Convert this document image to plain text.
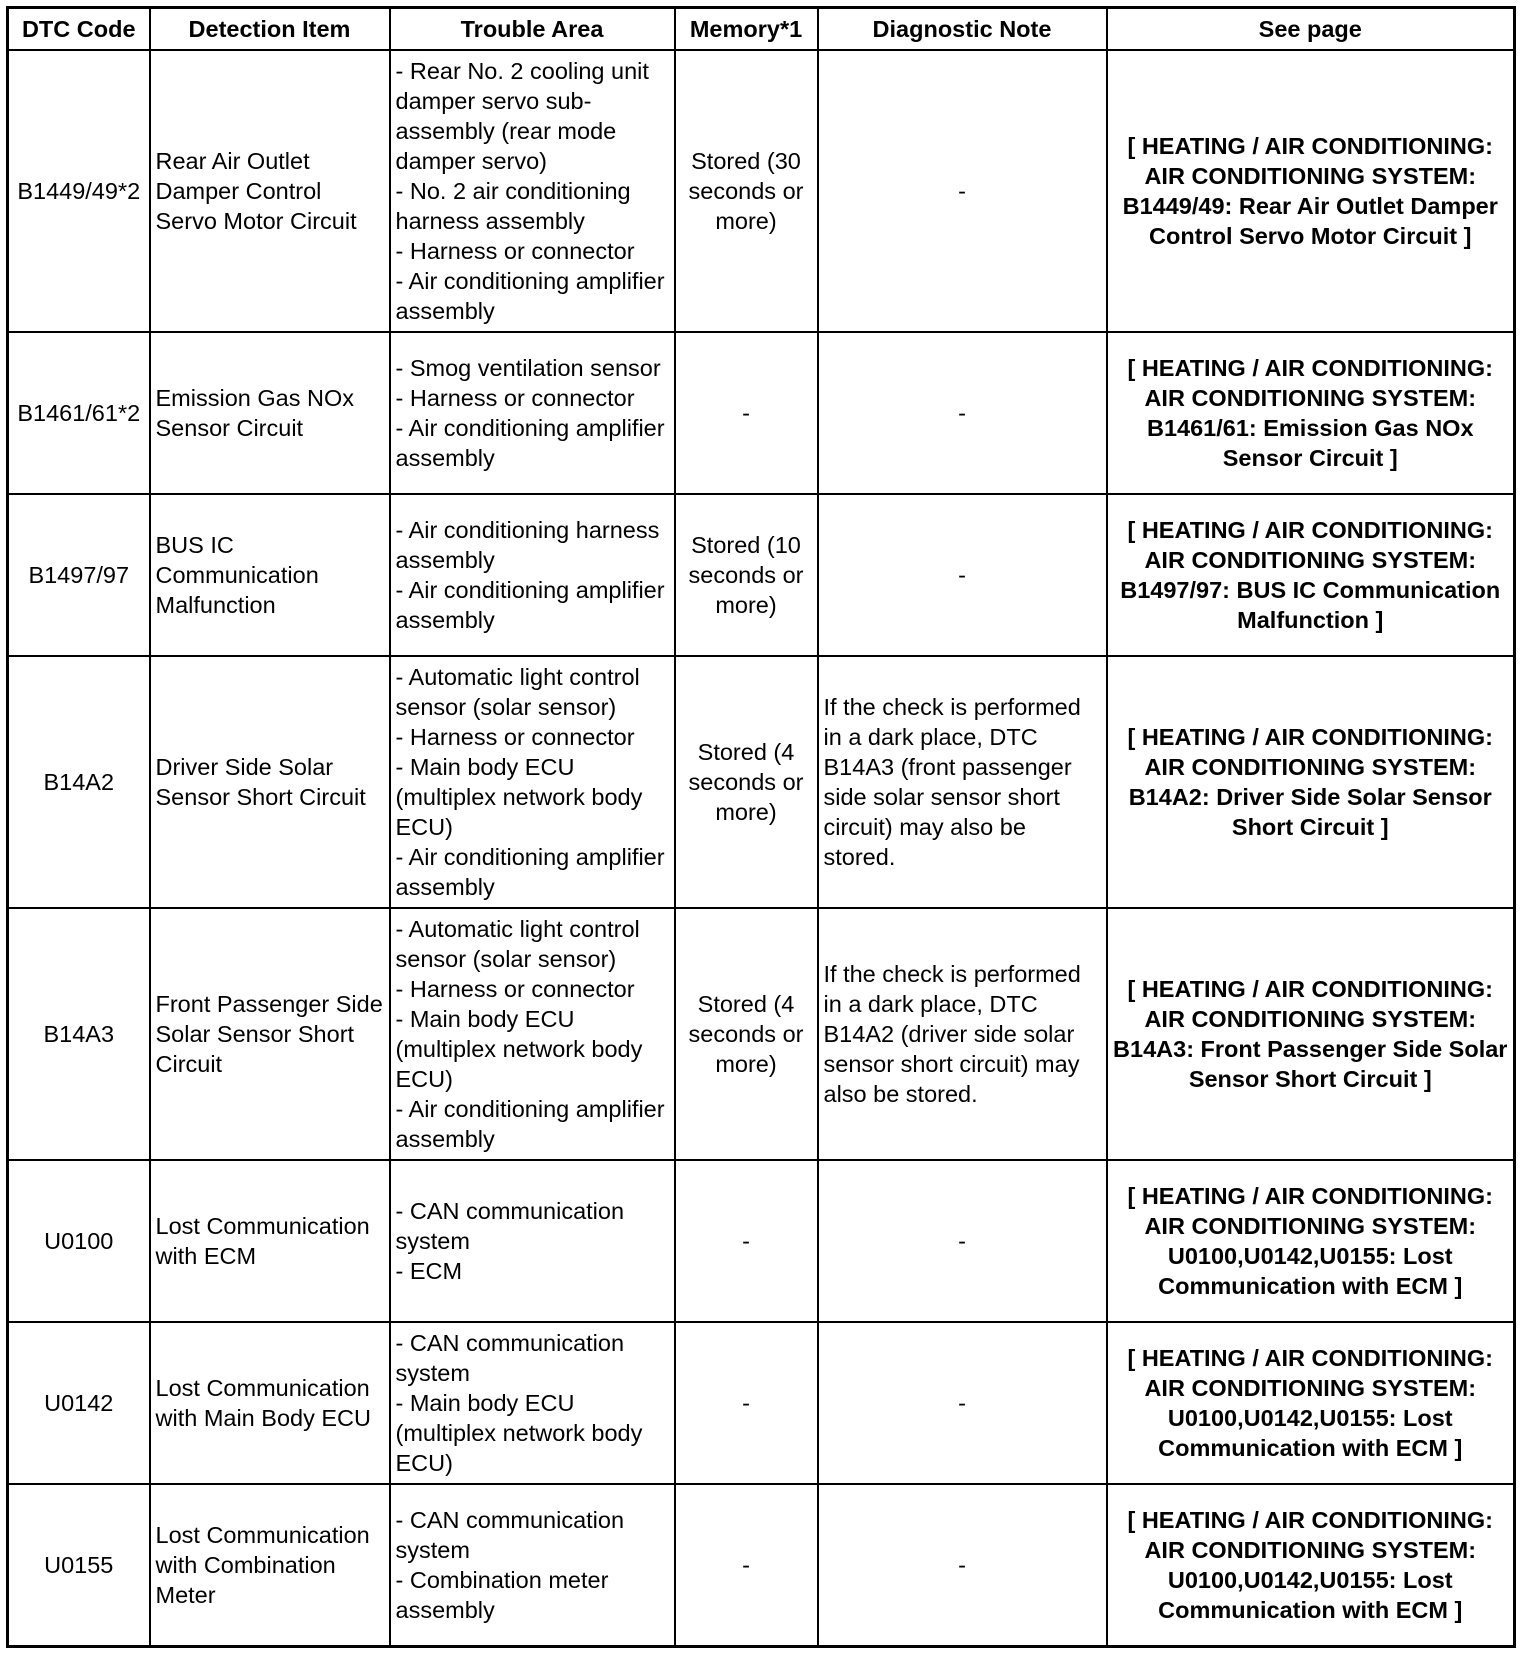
DTC Code	Detection Item	Trouble Area	Memory*1	Diagnostic Note	See page
B1449/49*2	Rear Air Outlet Damper Control Servo Motor Circuit	- Rear No. 2 cooling unit damper servo sub-assembly (rear mode damper servo)
- No. 2 air conditioning harness assembly
- Harness or connector
- Air conditioning amplifier assembly	Stored (30 seconds or more)	-	[ HEATING / AIR CONDITIONING: AIR CONDITIONING SYSTEM: B1449/49: Rear Air Outlet Damper Control Servo Motor Circuit ]
B1461/61*2	Emission Gas NOx Sensor Circuit	- Smog ventilation sensor
- Harness or connector
- Air conditioning amplifier assembly	-	-	[ HEATING / AIR CONDITIONING: AIR CONDITIONING SYSTEM: B1461/61: Emission Gas NOx Sensor Circuit ]
B1497/97	BUS IC Communication Malfunction	- Air conditioning harness assembly
- Air conditioning amplifier assembly	Stored (10 seconds or more)	-	[ HEATING / AIR CONDITIONING: AIR CONDITIONING SYSTEM: B1497/97: BUS IC Communication Malfunction ]
B14A2	Driver Side Solar Sensor Short Circuit	- Automatic light control sensor (solar sensor)
- Harness or connector
- Main body ECU (multiplex network body ECU)
- Air conditioning amplifier assembly	Stored (4 seconds or more)	If the check is performed in a dark place, DTC B14A3 (front passenger side solar sensor short circuit) may also be stored.	[ HEATING / AIR CONDITIONING: AIR CONDITIONING SYSTEM: B14A2: Driver Side Solar Sensor Short Circuit ]
B14A3	Front Passenger Side Solar Sensor Short Circuit	- Automatic light control sensor (solar sensor)
- Harness or connector
- Main body ECU (multiplex network body ECU)
- Air conditioning amplifier assembly	Stored (4 seconds or more)	If the check is performed in a dark place, DTC B14A2 (driver side solar sensor short circuit) may also be stored.	[ HEATING / AIR CONDITIONING: AIR CONDITIONING SYSTEM: B14A3: Front Passenger Side Solar Sensor Short Circuit ]
U0100	Lost Communication with ECM	- CAN communication system
- ECM	-	-	[ HEATING / AIR CONDITIONING: AIR CONDITIONING SYSTEM: U0100,U0142,U0155: Lost Communication with ECM ]
U0142	Lost Communication with Main Body ECU	- CAN communication system
- Main body ECU (multiplex network body ECU)	-	-	[ HEATING / AIR CONDITIONING: AIR CONDITIONING SYSTEM: U0100,U0142,U0155: Lost Communication with ECM ]
U0155	Lost Communication with Combination Meter	- CAN communication system
- Combination meter assembly	-	-	[ HEATING / AIR CONDITIONING: AIR CONDITIONING SYSTEM: U0100,U0142,U0155: Lost Communication with ECM ]
